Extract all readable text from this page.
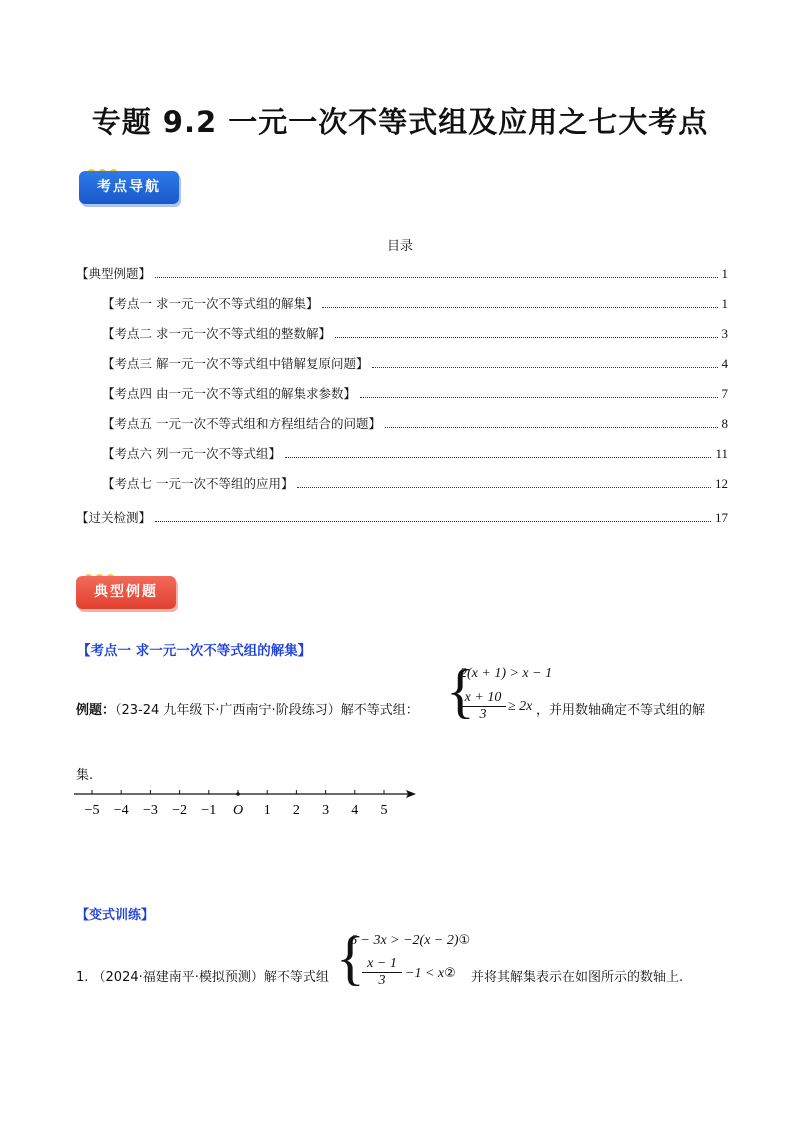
专题 9.2 一元一次不等式组及应用之七大考点
考点导航
目录
【典型例题】	1
【考点一 求一元一次不等式组的解集】	1
【考点二 求一元一次不等式组的整数解】	3
【考点三 解一元一次不等式组中错解复原问题】	4
【考点四 由一元一次不等式组的解集求参数】	7
【考点五 一元一次不等式组和方程组结合的问题】	8
【考点六 列一元一次不等式组】	11
【考点七 一元一次不等组的应用】	12
【过关检测】	17
典型例题
【考点一 求一元一次不等式组的解集】
例题：（23-24 九年级下·广西南宁·阶段练习）解不等式组： {
2(x + 1) > x − 1
$\frac{x + 10}{3} \ge 2x$ ，并用数轴确定不等式组的解
集.
−5 −4 −3 −2 −1 O 1 2 3 4 5
【变式训练】
1. （2024·福建南平·模拟预测）解不等式组 {
6 − 3x > −2(x − 2)①
$\frac{x - 1}{3} -1$ < x② 并将其解集表示在如图所示的数轴上.
